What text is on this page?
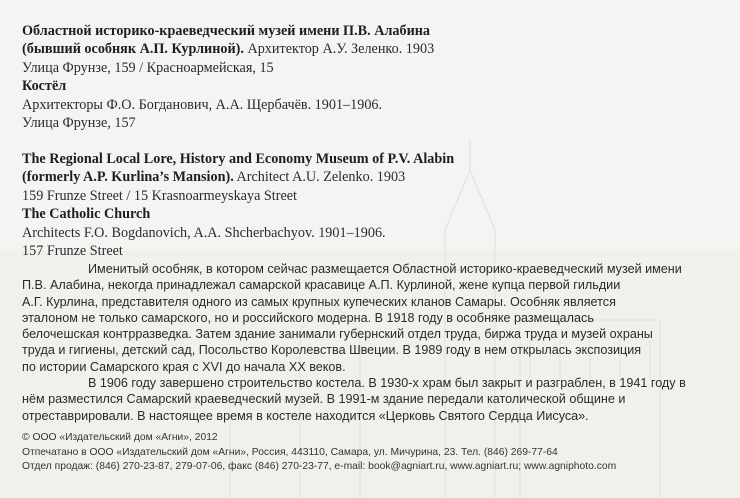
Областной историко-краеведческий музей имени П.В. Алабина
(бывший особняк А.П. Курлиной). Архитектор А.У. Зеленко. 1903
Улица Фрунзе, 159 / Красноармейская, 15
Костёл
Архитекторы Ф.О. Богданович, А.А. Щербачёв. 1901–1906.
Улица Фрунзе, 157
The Regional Local Lore, History and Economy Museum of P.V. Alabin
(formerly A.P. Kurlina’s Mansion). Architect A.U. Zelenko. 1903
159 Frunze Street / 15 Krasnoarmeyskaya Street
The Catholic Church
Architects F.O. Bogdanovich, A.A. Shcherbachyov. 1901–1906.
157 Frunze Street
Именитый особняк, в котором сейчас размещается Областной историко-краеведческий музей имени
П.В. Алабина, некогда принадлежал самарской красавице А.П. Курлиной, жене купца первой гильдии
А.Г. Курлина, представителя одного из самых крупных купеческих кланов Самары. Особняк является
эталоном не только самарского, но и российского модерна. В 1918 году в особняке размещалась
белочешская контрразведка. Затем здание занимали губернский отдел труда, биржа труда и музей охраны
труда и гигиены, детский сад, Посольство Королевства Швеции. В 1989 году в нем открылась экспозиция
по истории Самарского края с XVI до начала XX веков.
В 1906 году завершено строительство костела. В 1930-х храм был закрыт и разграблен, в 1941 году в
нём разместился Самарский краеведческий музей. В 1991-м здание передали католической общине и
отреставрировали. В настоящее время в костеле находится «Церковь Святого Сердца Иисуса».
© ООО «Издательский дом «Агни», 2012
Отпечатано в ООО «Издательский дом «Агни», Россия, 443110, Самара, ул. Мичурина, 23. Тел. (846) 269-77-64
Отдел продаж: (846) 270-23-87, 279-07-06, факс (846) 270-23-77, e-mail: book@agniart.ru, www.agniart.ru; www.agniphoto.com
